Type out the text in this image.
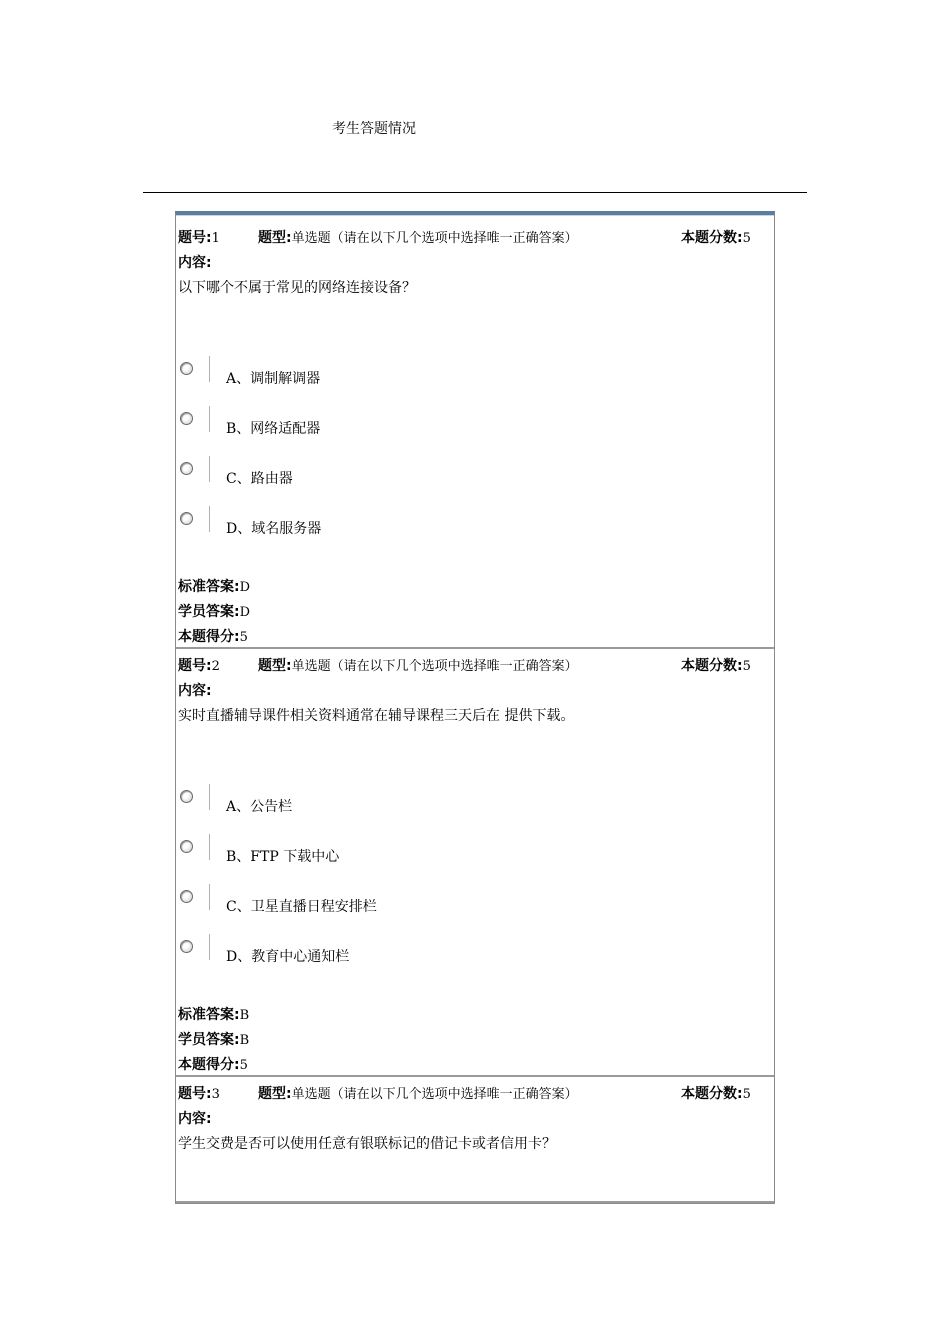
考生答题情况
题号:1	题型:单选题（请在以下几个选项中选择唯一正确答案）	本题分数:5
内容:
以下哪个不属于常见的网络连接设备？
A、调制解调器
B、网络适配器
C、路由器
D、域名服务器
标准答案:D
学员答案:D
本题得分:5
题号:2	题型:单选题（请在以下几个选项中选择唯一正确答案）	本题分数:5
内容:
实时直播辅导课件相关资料通常在辅导课程三天后在 提供下载。
A、公告栏
B、FTP 下载中心
C、卫星直播日程安排栏
D、教育中心通知栏
标准答案:B
学员答案:B
本题得分:5
题号:3	题型:单选题（请在以下几个选项中选择唯一正确答案）	本题分数:5
内容:
学生交费是否可以使用任意有银联标记的借记卡或者信用卡？
